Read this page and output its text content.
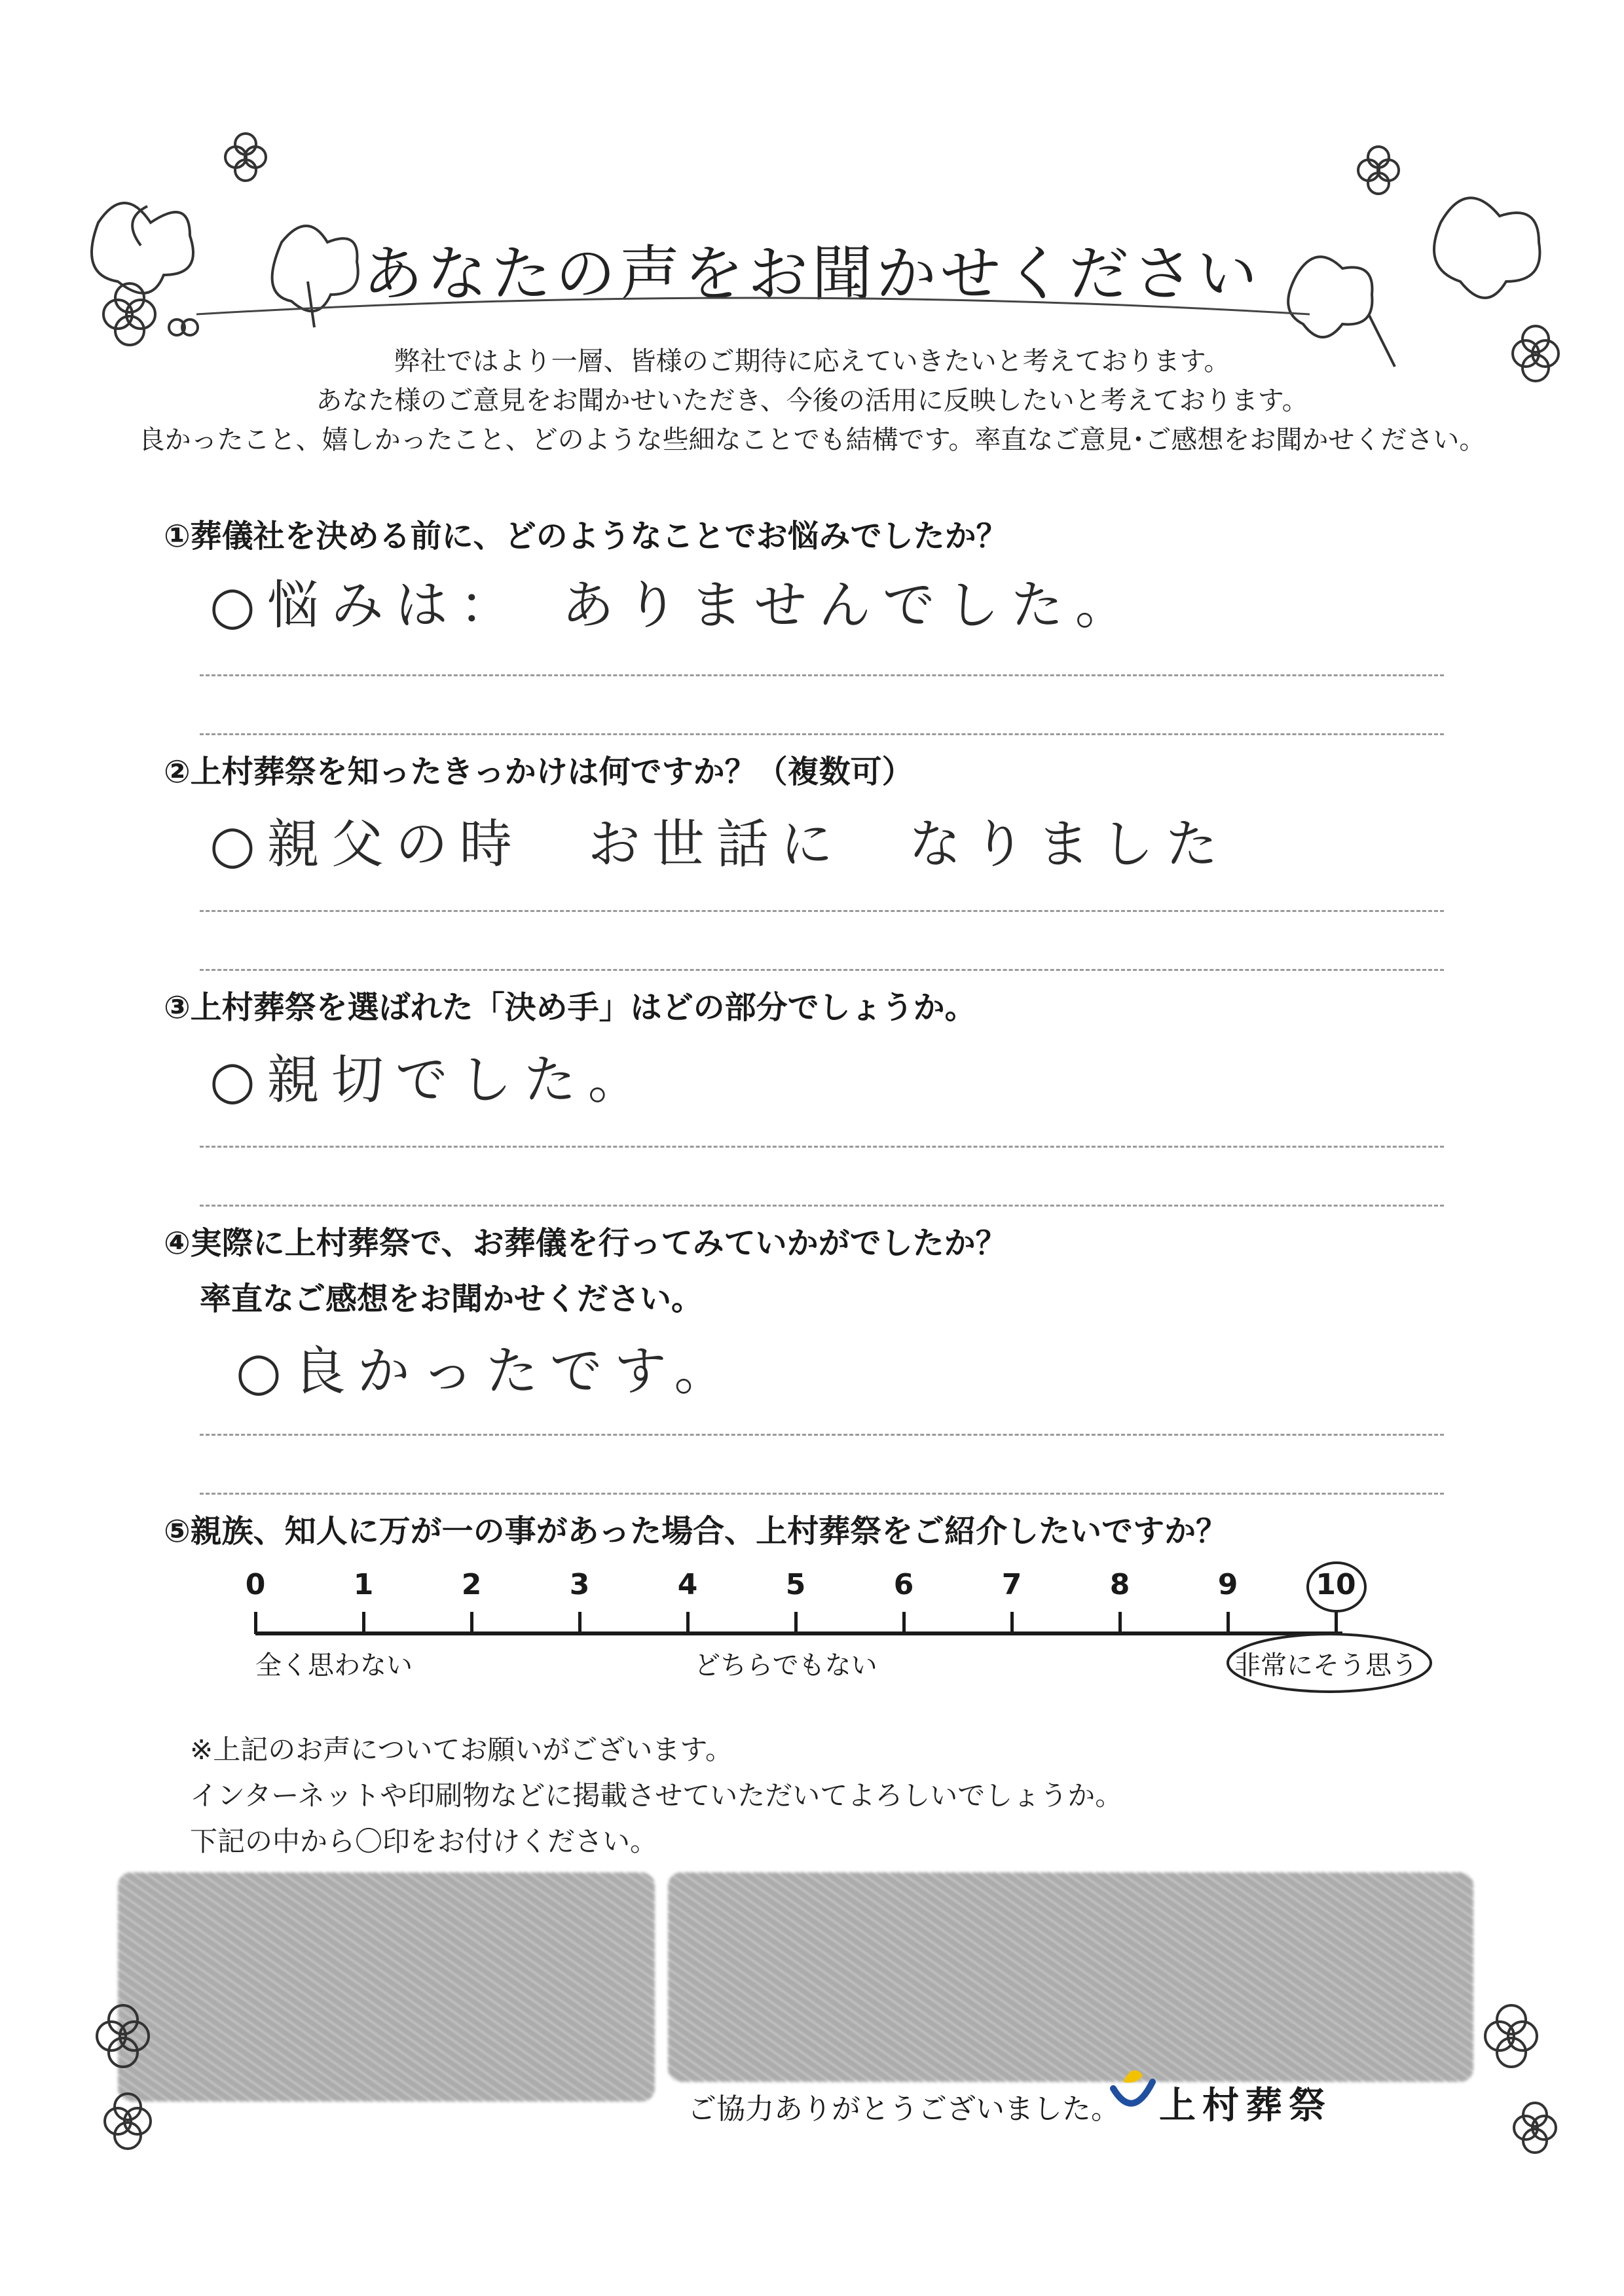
あなたの声をお聞かせください
弊社ではより一層、皆様のご期待に応えていきたいと考えております。
あなた様のご意見をお聞かせいただき、今後の活用に反映したいと考えております。
良かったこと、嬉しかったこと、どのような些細なことでも結構です。率直なご意見･ご感想をお聞かせください。
①葬儀社を決める前に、どのようなことでお悩みでしたか？
○悩みは：　ありませんでした。
②上村葬祭を知ったきっかけは何ですか？（複数可）
○親父の時　お世話に　なりました
③上村葬祭を選ばれた「決め手」はどの部分でしょうか。
○親切でした。
④実際に上村葬祭で、お葬儀を行ってみていかがでしたか？
率直なご感想をお聞かせください。
○良かったです。
⑤親族、知人に万が一の事があった場合、上村葬祭をご紹介したいですか？
0	1	2	3	4	5	6	7	8	9	10
全く思わない	どちらでもない	非常にそう思う
※上記のお声についてお願いがございます。
インターネットや印刷物などに掲載させていただいてよろしいでしょうか。
下記の中から〇印をお付けください。
ご協力ありがとうございました。 上村葬祭
